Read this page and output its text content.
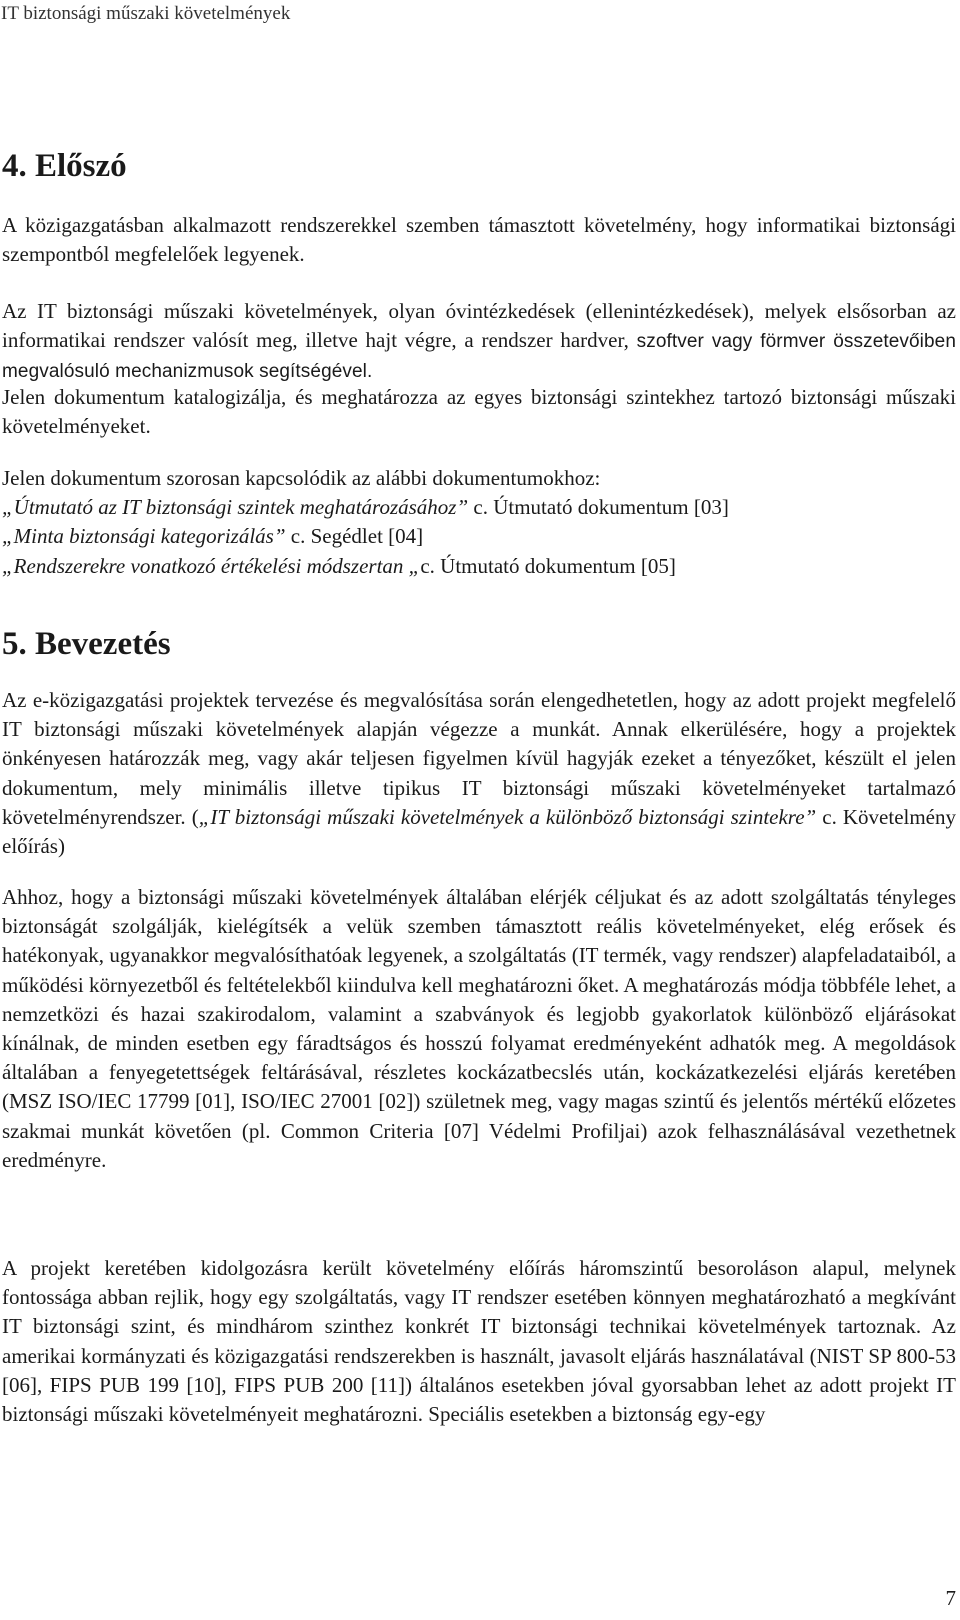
IT biztonsági műszaki követelmények
4. Előszó

A közigazgatásban alkalmazott rendszerekkel szemben támasztott követelmény, hogy informatikai biztonsági szempontból megfelelőek legyenek.

Az IT biztonsági műszaki követelmények, olyan óvintézkedések (ellenintézkedések), melyek elsősorban az informatikai rendszer valósít meg, illetve hajt végre, a rendszer hardver, szoftver vagy förmver összetevőiben megvalósuló mechanizmusok segítségével.

Jelen dokumentum katalogizálja, és meghatározza az egyes biztonsági szintekhez tartozó biztonsági műszaki követelményeket.

Jelen dokumentum szorosan kapcsolódik az alábbi dokumentumokhoz:
„Útmutató az IT biztonsági szintek meghatározásához” c. Útmutató dokumentum [03]
„Minta biztonsági kategorizálás” c. Segédlet [04]
„Rendszerekre vonatkozó értékelési módszertan „c. Útmutató dokumentum [05]

5. Bevezetés

Az e-közigazgatási projektek tervezése és megvalósítása során elengedhetetlen, hogy az adott projekt megfelelő IT biztonsági műszaki követelmények alapján végezze a munkát. Annak elkerülésére, hogy a projektek önkényesen határozzák meg, vagy akár teljesen figyelmen kívül hagyják ezeket a tényezőket, készült el jelen dokumentum, mely minimális illetve tipikus IT biztonsági műszaki követelményeket tartalmazó követelményrendszer. („IT biztonsági műszaki követelmények a különböző biztonsági szintekre” c. Követelmény előírás)

Ahhoz, hogy a biztonsági műszaki követelmények általában elérjék céljukat és az adott szolgáltatás tényleges biztonságát szolgálják, kielégítsék a velük szemben támasztott reális követelményeket, elég erősek és hatékonyak, ugyanakkor megvalósíthatóak legyenek, a szolgáltatás (IT termék, vagy rendszer) alapfeladataiból, a működési környezetből és feltételekből kiindulva kell meghatározni őket. A meghatározás módja többféle lehet, a nemzetközi és hazai szakirodalom, valamint a szabványok és legjobb gyakorlatok különböző eljárásokat kínálnak, de minden esetben egy fáradtságos és hosszú folyamat eredményeként adhatók meg. A megoldások általában a fenyegetettségek feltárásával, részletes kockázatbecslés után, kockázatkezelési eljárás keretében (MSZ ISO/IEC 17799 [01], ISO/IEC 27001 [02]) születnek meg, vagy magas szintű és jelentős mértékű előzetes szakmai munkát követően (pl. Common Criteria [07] Védelmi Profiljai) azok felhasználásával vezethetnek eredményre.

A projekt keretében kidolgozásra került követelmény előírás háromszintű besoroláson alapul, melynek fontossága abban rejlik, hogy egy szolgáltatás, vagy IT rendszer esetében könnyen meghatározható a megkívánt IT biztonsági szint, és mindhárom szinthez konkrét IT biztonsági technikai követelmények tartoznak. Az amerikai kormányzati és közigazgatási rendszerekben is használt, javasolt eljárás használatával (NIST SP 800-53 [06], FIPS PUB 199 [10], FIPS PUB 200 [11]) általános esetekben jóval gyorsabban lehet az adott projekt IT biztonsági műszaki követelményeit meghatározni. Speciális esetekben a biztonság egy-egy

7
